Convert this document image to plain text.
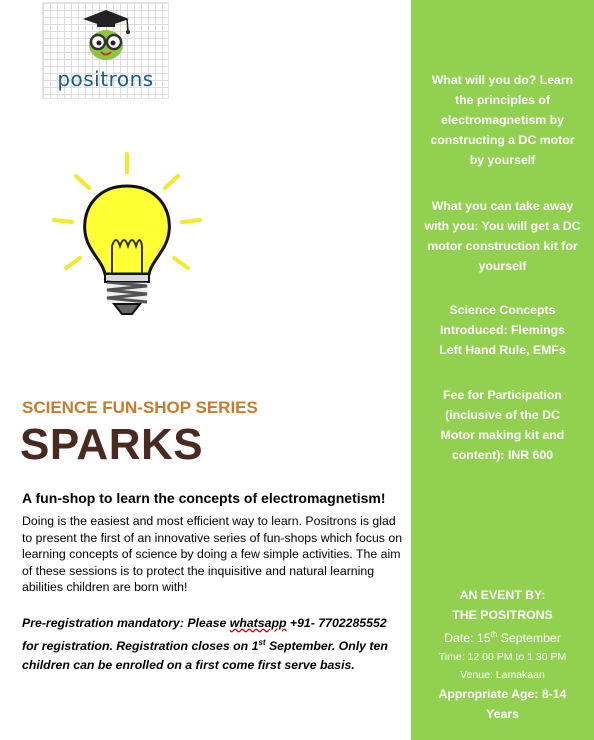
positrons
SCIENCE FUN-SHOP SERIES
SPARKS
A fun-shop to learn the concepts of electromagnetism!
Doing is the easiest and most efficient way to learn. Positrons is glad to present the first of an innovative series of fun-shops which focus on learning concepts of science by doing a few simple activities. The aim of these sessions is to protect the inquisitive and natural learning abilities children are born with!
Pre-registration mandatory: Please whatsapp +91- 7702285552 for registration. Registration closes on 1st September. Only ten children can be enrolled on a first come first serve basis.

What will you do? Learn the principles of electromagnetism by constructing a DC motor by yourself

What you can take away with you: You will get a DC motor construction kit for yourself

Science Concepts Introduced: Flemings Left Hand Rule, EMFs

Fee for Participation (inclusive of the DC Motor making kit and content): INR 600

AN EVENT BY:
THE POSITRONS
Date: 15th September
Time: 12 00 PM to 1 30 PM
Venue: Lamakaan
Appropriate Age: 8-14
Years
